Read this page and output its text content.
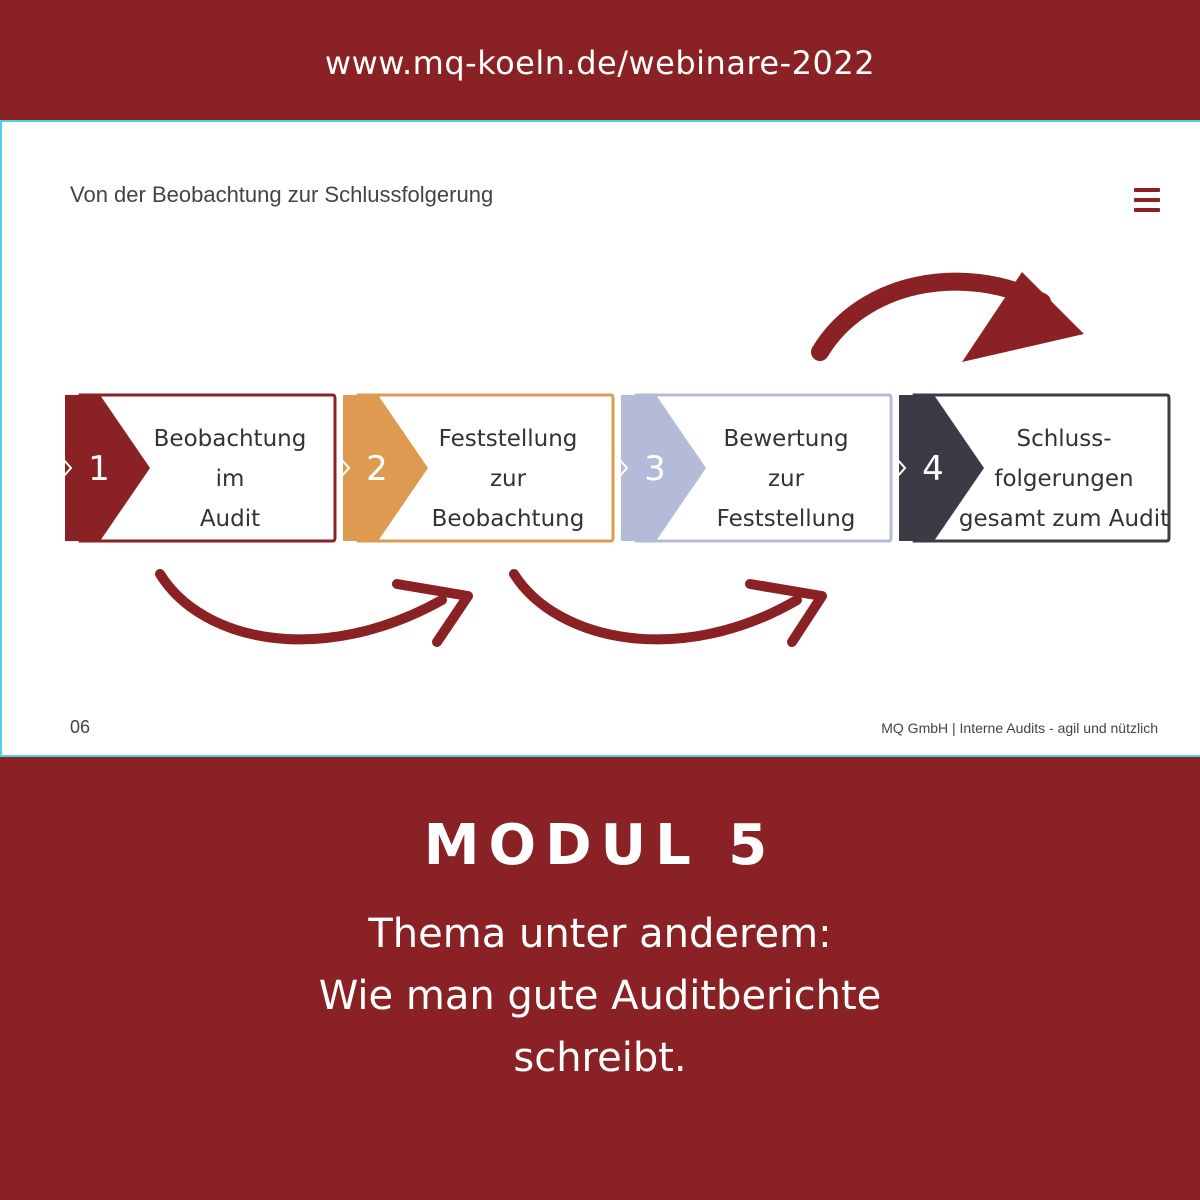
www.mq-koeln.de/webinare-2022
Von der Beobachtung zur Schlussfolgerung
1
Beobachtung
im
Audit
2
Feststellung
zur
Beobachtung
3
Bewertung
zur
Feststellung
4
Schluss-
folgerungen
gesamt zum Audit
06	MQ GmbH | Interne Audits - agil und nützlich
MODUL 5
Thema unter anderem:
Wie man gute Auditberichte
schreibt.
